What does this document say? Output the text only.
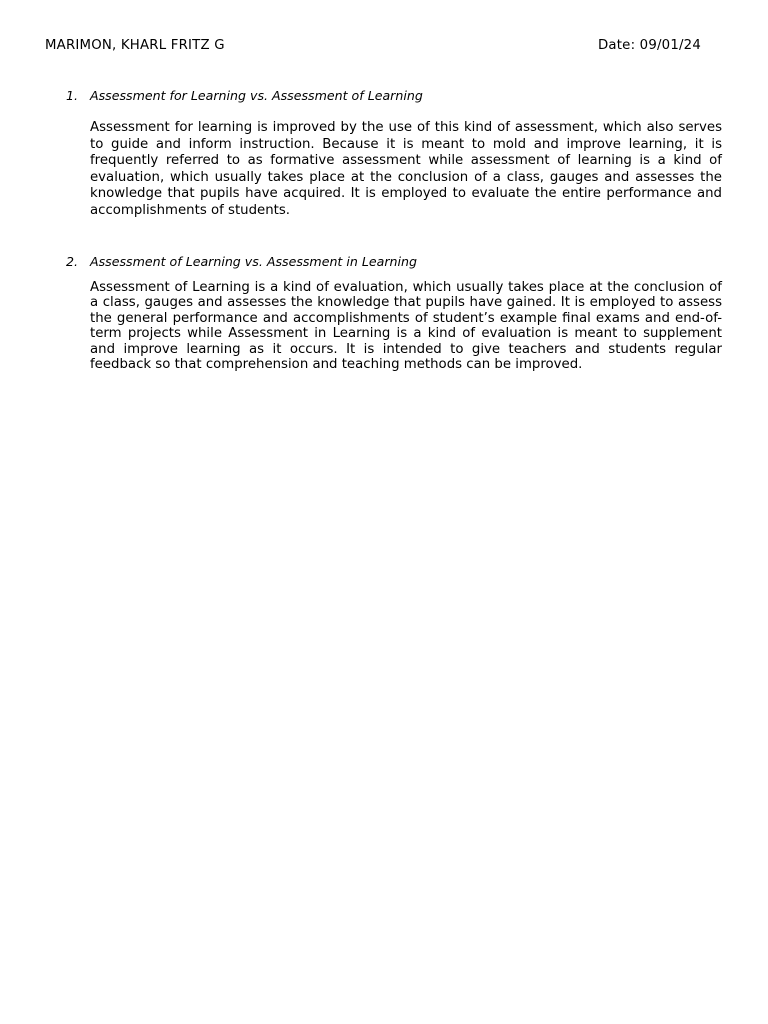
MARIMON, KHARL FRITZ G	Date: 09/01/24
1. Assessment for Learning vs. Assessment of Learning
Assessment for learning is improved by the use of this kind of assessment, which also serves to guide and inform instruction. Because it is meant to mold and improve learning, it is frequently referred to as formative assessment while assessment of learning is a kind of evaluation, which usually takes place at the conclusion of a class, gauges and assesses the knowledge that pupils have acquired. It is employed to evaluate the entire performance and accomplishments of students.
2. Assessment of Learning vs. Assessment in Learning
Assessment of Learning is a kind of evaluation, which usually takes place at the conclusion of a class, gauges and assesses the knowledge that pupils have gained. It is employed to assess the general performance and accomplishments of student’s example final exams and end-of-term projects while Assessment in Learning is a kind of evaluation is meant to supplement and improve learning as it occurs. It is intended to give teachers and students regular feedback so that comprehension and teaching methods can be improved.
